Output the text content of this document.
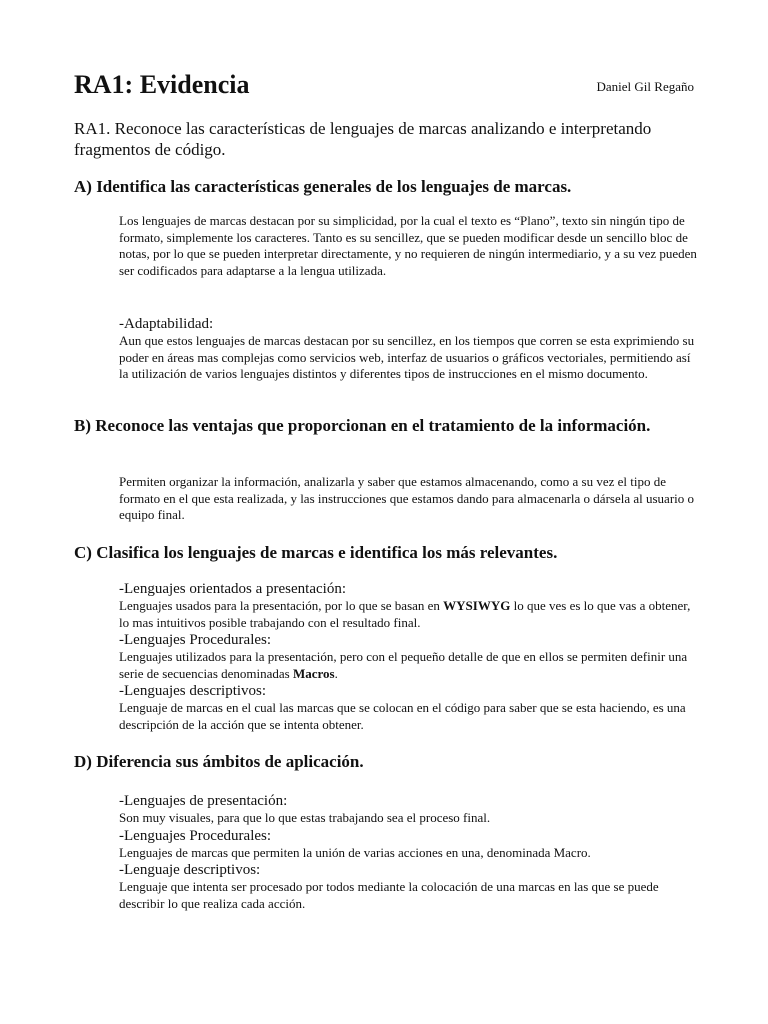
RA1: Evidencia	Daniel Gil Regaño

RA1. Reconoce las características de lenguajes de marcas analizando e interpretando fragmentos de código.

A) Identifica las características generales de los lenguajes de marcas.

Los lenguajes de marcas destacan por su simplicidad, por la cual el texto es “Plano”, texto sin ningún tipo de formato, simplemente los caracteres. Tanto es su sencillez, que se pueden modificar desde un sencillo bloc de notas, por lo que se pueden interpretar directamente, y no requieren de ningún intermediario, y a su vez pueden ser codificados para adaptarse a la lengua utilizada.

-Adaptabilidad:
Aun que estos lenguajes de marcas destacan por su sencillez, en los tiempos que corren se esta exprimiendo su poder en áreas mas complejas como servicios web, interfaz de usuarios o gráficos vectoriales, permitiendo así la utilización de varios lenguajes distintos y diferentes tipos de instrucciones en el mismo documento.
B) Reconoce las ventajas que proporcionan en el tratamiento de la información.

Permiten organizar la información, analizarla y saber que estamos almacenando, como a su vez el tipo de formato en el que esta realizada, y las instrucciones que estamos dando para almacenarla o dársela al usuario o equipo final.

C) Clasifica los lenguajes de marcas e identifica los más relevantes.
-Lenguajes orientados a presentación:
Lenguajes usados para la presentación, por lo que se basan en WYSIWYG lo que ves es lo que vas a obtener, lo mas intuitivos posible trabajando con el resultado final.
-Lenguajes Procedurales:
Lenguajes utilizados para la presentación, pero con el pequeño detalle de que en ellos se permiten definir una serie de secuencias denominadas Macros.
-Lenguajes descriptivos:
Lenguaje de marcas en el cual las marcas que se colocan en el código para saber que se esta haciendo, es una descripción de la acción que se intenta obtener.
D) Diferencia sus ámbitos de aplicación.
-Lenguajes de presentación:
Son muy visuales, para que lo que estas trabajando sea el proceso final.
-Lenguajes Procedurales:
Lenguajes de marcas que permiten la unión de varias acciones en una, denominada Macro.
-Lenguaje descriptivos:
Lenguaje que intenta ser procesado por todos mediante la colocación de una marcas en las que se puede describir lo que realiza cada acción.
